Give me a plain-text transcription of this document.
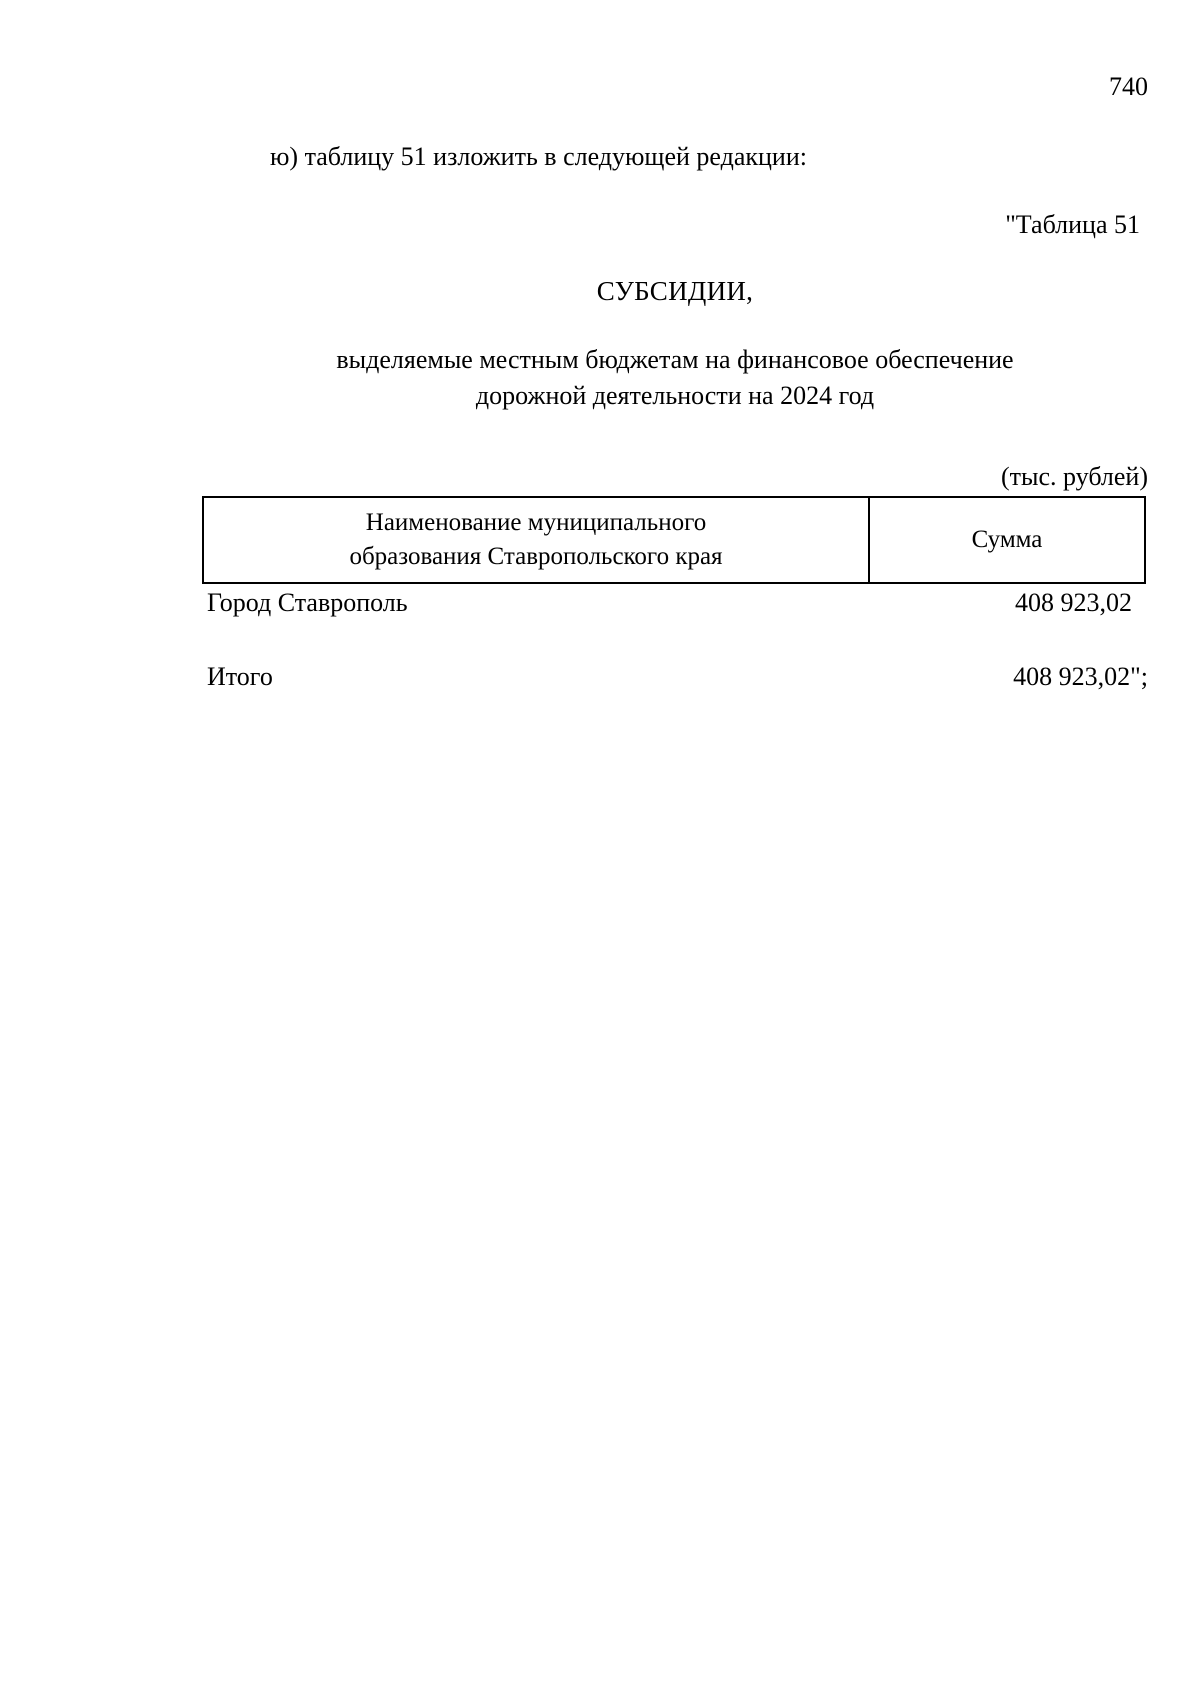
740
ю) таблицу 51 изложить в следующей редакции:
"Таблица 51
СУБСИДИИ,
выделяемые местным бюджетам на финансовое обеспечение
дорожной деятельности на 2024 год
(тыс. рублей)
Наименование муниципального
образования Ставропольского края
Сумма
Город Ставрополь	408 923,02
Итого	408 923,02";
